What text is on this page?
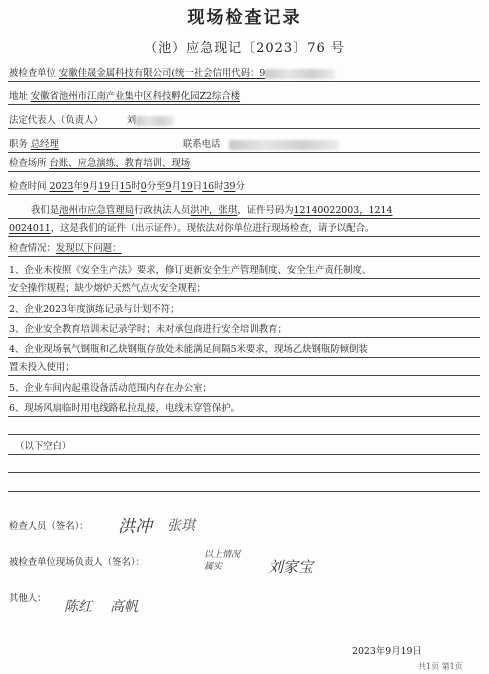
现场检查记录
（池）应急现记〔2023〕76 号
被检查单位 安徽佳晟金属科技有限公司(统一社会信用代码：9
地址 安徽省池州市江南产业集中区科技孵化园Z2综合楼
法定代表人（负责人）	刘
职务 总经理	联系电话
检查场所 台账、应急演练、教育培训、现场
检查时间 2023年9月19日15时0分至9月19日16时39分
我们是池州市应急管理局行政执法人员洪冲，张琪，证件号码为12140022003，1214
0024011，这是我们的证件（出示证件）。现依法对你单位进行现场检查，请予以配合。
检查情况：发现以下问题：
1、企业未按照《安全生产法》要求，修订更新安全生产管理制度、安全生产责任制度、
安全操作规程；缺少熔炉天然气点火安全规程；
2、企业2023年度演练记录与计划不符；
3、企业安全教育培训未记录学时；未对承包商进行安全培训教育；
4、企业现场氧气钢瓶和乙炔钢瓶存放处未能满足间隔5米要求，现场乙炔钢瓶防倾倒装
置未投入使用；
5、企业车间内起重设备活动范围内存在办公室；
6、现场风扇临时用电线路私拉乱接，电线未穿管保护。
（以下空白）
检查人员（签名）：	洪冲 张琪
被检查单位现场负责人（签名）：
以上情况属实	刘家宝
其他人：
陈红 高帆
2023年9月19日
共1页 第1页
